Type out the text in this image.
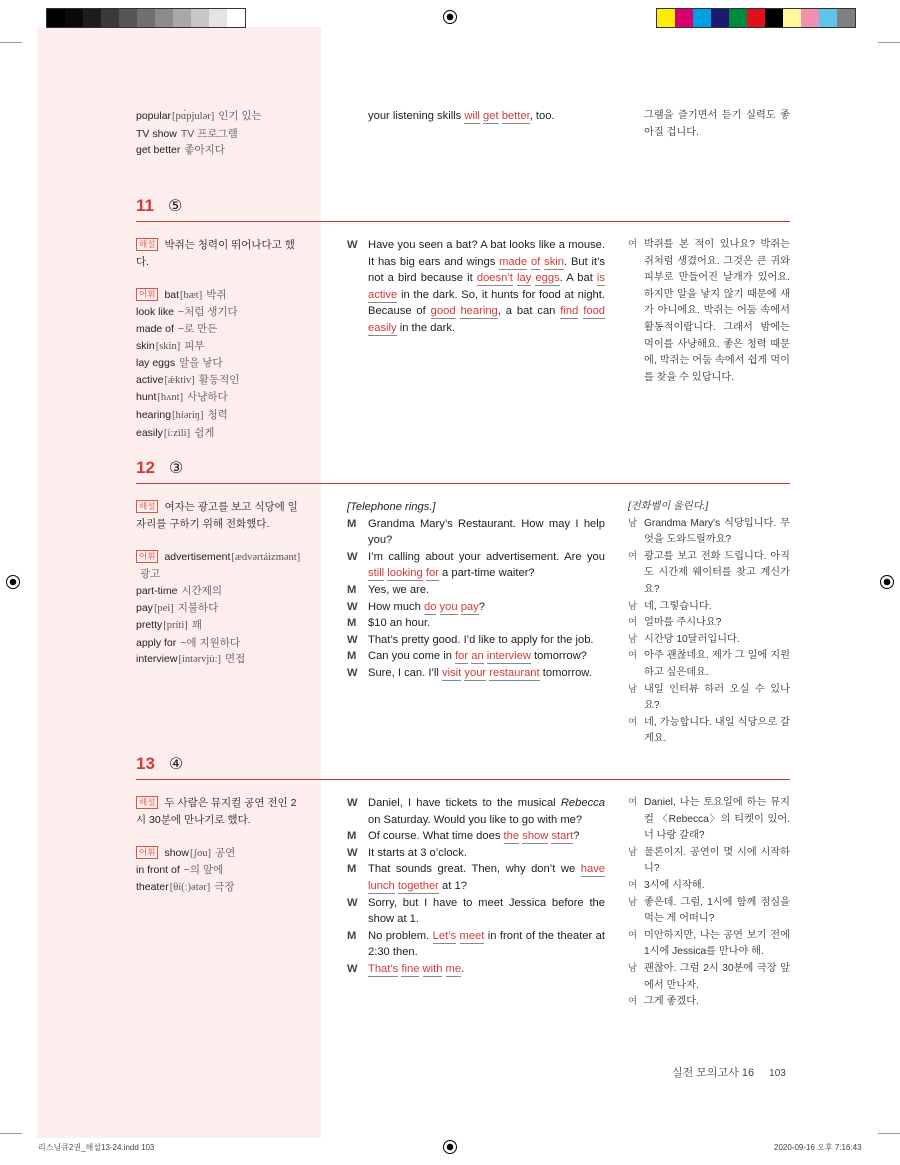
popular[pɑ́pjulər] 인기 있는
TV show TV 프로그램
get better 좋아지다
your listening skills will get better, too.	그램을 즐기면서 듣기 실력도 좋아질 겁니다.
11 ⑤
해설 박쥐는 청력이 뛰어나다고 했다.
어휘 bat[bæt] 박쥐
look like ~처럼 생기다
made of ~로 만든
skin[skin] 피부
lay eggs 알을 낳다
active[ǽktiv] 활동적인
hunt[hʌnt] 사냥하다
hearing[híəriŋ] 청력
easily[íːzili] 쉽게
W Have you seen a bat? A bat looks like a mouse. It has big ears and wings made of skin. But it’s not a bird because it doesn’t lay eggs. A bat is active in the dark. So, it hunts for food at night. Because of good hearing, a bat can find food easily in the dark.
여 박쥐를 본 적이 있나요? 박쥐는 쥐처럼 생겼어요. 그것은 큰 귀와 피부로 만들어진 날개가 있어요. 하지만 알을 낳지 않기 때문에 새가 아니에요. 박쥐는 어둠 속에서 활동적이랍니다. 그래서 밤에는 먹이를 사냥해요. 좋은 청력 때문에, 박쥐는 어둠 속에서 쉽게 먹이를 찾을 수 있답니다.
12 ③
해설 여자는 광고를 보고 식당에 일자리를 구하기 위해 전화했다.
어휘 advertisement[ædvərtáizmənt]광고
part-time 시간제의
pay[pei] 지불하다
pretty[príti] 꽤
apply for ~에 지원하다
interview[íntərvjùː] 면접
[Telephone rings.]
M	Grandma Mary’s Restaurant. How may I help you?
W I’m calling about your advertisement. Are you still looking for a part-time waiter?
M	Yes, we are.
W How much do you pay?
M	$10 an hour.
W That’s pretty good. I’d like to apply for the job.
M	Can you come in for an interview tomorrow?
W Sure, I can. I’ll visit your restaurant tomorrow.
[전화벨이 울린다.]
남 Grandma Mary’s 식당입니다. 무엇을 도와드릴까요?
여 광고를 보고 전화 드립니다. 아직도 시간제 웨이터를 찾고 계신가요?
남 네, 그렇습니다.
여 얼마를 주시나요?
남 시간당 10달러입니다.
여 아주 괜찮네요. 제가 그 일에 지원하고 싶은데요.
남 내일 인터뷰 하러 오실 수 있나요?
여 네, 가능합니다. 내일 식당으로 갈게요.
13 ④
해설 두 사람은 뮤지컬 공연 전인 2시 30분에 만나기로 했다.
어휘 show[ʃou] 공연
in front of ~의 앞에
theater[θí(ː)ətər] 극장
W Daniel, I have tickets to the musical Rebecca on Saturday. Would you like to go with me?
M	Of course. What time does the show start?
W It starts at 3 o’clock.
M	That sounds great. Then, why don’t we have lunch together at 1?
W Sorry, but I have to meet Jessica before the show at 1.
M	No problem. Let’s meet in front of the theater at 2:30 then.
W That’s fine with me.
여 Daniel, 나는 토요일에 하는 뮤지컬 〈Rebecca〉의 티켓이 있어. 너 나랑 갈래?
남 물론이지. 공연이 몇 시에 시작하니?
여 3시에 시작해.
남 좋은데. 그럼, 1시에 함께 점심을 먹는 게 어떠니?
여 미안하지만, 나는 공연 보기 전에 1시에 Jessica를 만나야 해.
남 괜찮아. 그럼 2시 30분에 극장 앞에서 만나자.
여 그게 좋겠다.
실전 모의고사 16 103
리스닝큐2권_해설13-24.indd 103	2020-09-16 오후 7:16:43
